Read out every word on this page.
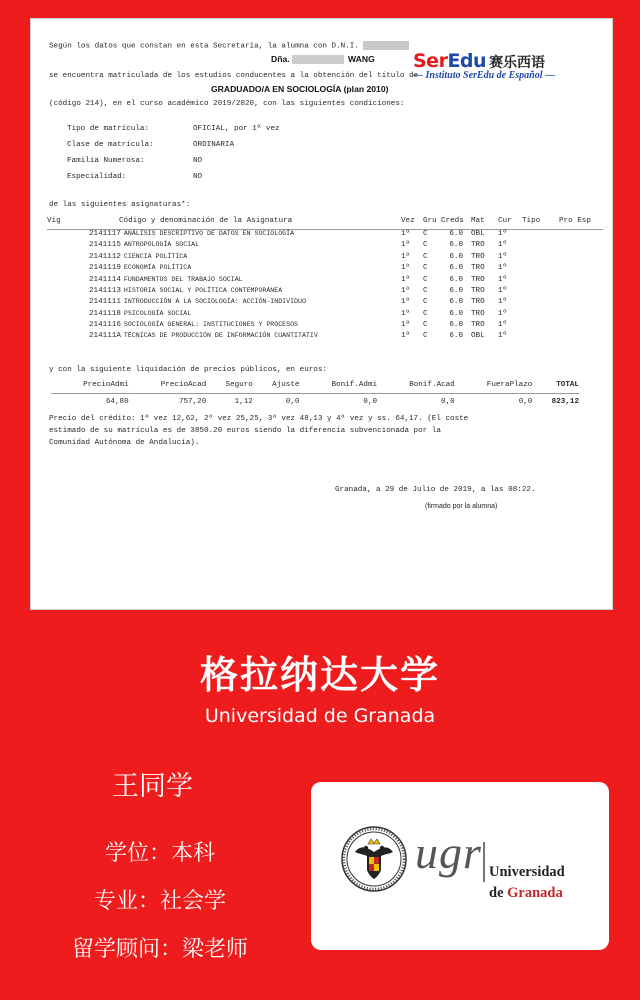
Según los datos que constan en esta Secretaría, la alumna con D.N.I.
Dña.	WANG
se encuentra matriculada de los estudios conducentes a la obtención del título de
GRADUADO/A EN SOCIOLOGÍA (plan 2010)
(código 214), en el curso académico 2019/2020, con las siguientes condiciones:
Tipo de matrícula:	OFICIAL, por 1ª vez
Clase de matrícula:	ORDINARIA
Familia Numerosa:	NO
Especialidad:	NO
de las siguientes asignaturas*:
Vig	Código y denominación de la Asignatura	Vez	Gru	Creds	Mat	Cur	Tipo	Pro Esp
	2141117 ANÁLISIS DESCRIPTIVO DE DATOS EN SOCIOLOGÍA	1ª	C	6.0	OBL	1º		
	2141115 ANTROPOLOGÍA SOCIAL	1ª	C	6.0	TRO	1º		
	2141112 CIENCIA POLÍTICA	1ª	C	6.0	TRO	1º		
	2141119 ECONOMÍA POLÍTICA	1ª	C	6.0	TRO	1º		
	2141114 FUNDAMENTOS DEL TRABAJO SOCIAL	1ª	C	6.0	TRO	1º		
	2141113 HISTORIA SOCIAL Y POLÍTICA CONTEMPORÁNEA	1ª	C	6.0	TRO	1º		
	2141111 INTRODUCCIÓN A LA SOCIOLOGÍA: ACCIÓN-INDIVIDUO	1ª	C	6.0	TRO	1º		
	2141118 PSICOLOGÍA SOCIAL	1ª	C	6.0	TRO	1º		
	2141116 SOCIOLOGÍA GENERAL: INSTITUCIONES Y PROCESOS	1ª	C	6.0	TRO	1º		
	214111A TÉCNICAS DE PRODUCCIÓN DE INFORMACIÓN CUANTITATIV	1ª	C	6.0	OBL	1º		
y con la siguiente liquidación de precios públicos, en euros:
PrecioAdmi	PrecioAcad	Seguro	Ajuste	Bonif.Admi	Bonif.Acad	FueraPlazo	TOTAL
64,80	757,20	1,12	0,0	0,0	0,0	0,0	823,12
Precio del crédito: 1ª vez 12,62, 2ª vez 25,25, 3ª vez 48,13 y 4ª vez y ss. 64,17. (El coste
estimado de su matrícula es de 3850.20 euros siendo la diferencia subvencionada por la
Comunidad Autónoma de Andalucía).
Granada, a 29 de Julio de 2019, a las 08:22.
(firmado por la alumna)
SerEdu 赛乐西语
— Instituto SerEdu de Español —
格拉纳达大学
Universidad de Granada
王同学
学位：本科
专业：社会学
留学顾问：梁老师
ugr Universidad
de Granada
